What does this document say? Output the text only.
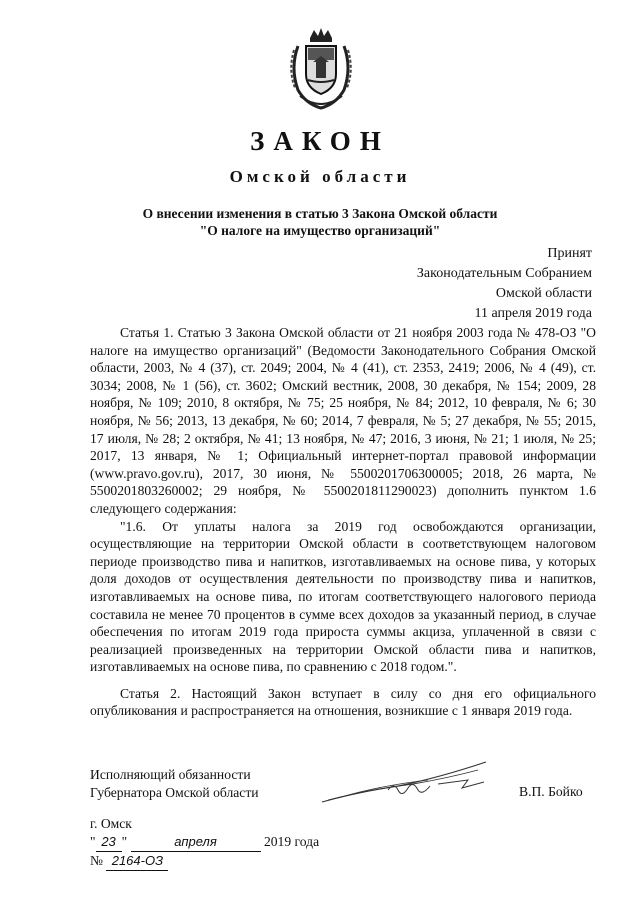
ЗАКОН
Омской области
О внесении изменения в статью 3 Закона Омской области
"О налоге на имущество организаций"
Принят
Законодательным Собранием
Омской области
11 апреля 2019 года

Статья 1. Статью 3 Закона Омской области от 21 ноября 2003 года № 478-ОЗ "О налоге на имущество организаций" (Ведомости Законодательного Собрания Омской области, 2003, № 4 (37), ст. 2049; 2004, № 4 (41), ст. 2353, 2419; 2006, № 4 (49), ст. 3034; 2008, № 1 (56), ст. 3602; Омский вестник, 2008, 30 декабря, № 154; 2009, 28 ноября, № 109; 2010, 8 октября, № 75; 25 ноября, № 84; 2012, 10 февраля, № 6; 30 ноября, № 56; 2013, 13 декабря, № 60; 2014, 7 февраля, № 5; 27 декабря, № 55; 2015, 17 июля, № 28; 2 октября, № 41; 13 ноября, № 47; 2016, 3 июня, № 21; 1 июля, № 25; 2017, 13 января, № 1; Официальный интернет-портал правовой информации (www.pravo.gov.ru), 2017, 30 июня, № 5500201706300005; 2018, 26 марта, № 5500201803260002; 29 ноября, № 5500201811290023) дополнить пунктом 1.6 следующего содержания:

"1.6. От уплаты налога за 2019 год освобождаются организации, осуществляющие на территории Омской области в соответствующем налоговом периоде производство пива и напитков, изготавливаемых на основе пива, у которых доля доходов от осуществления деятельности по производству пива и напитков, изготавливаемых на основе пива, по итогам соответствующего налогового периода составила не менее 70 процентов в сумме всех доходов за указанный период, в случае обеспечения по итогам 2019 года прироста суммы акциза, уплаченной в связи с реализацией произведенных на территории Омской области пива и напитков, изготавливаемых на основе пива, по сравнению с 2018 годом.".

Статья 2. Настоящий Закон вступает в силу со дня его официального опубликования и распространяется на отношения, возникшие с 1 января 2019 года.

Исполняющий обязанности
Губернатора Омской области	В.П. Бойко
г. Омск
" 23 "	апреля	2019 года
№ 2164-ОЗ
